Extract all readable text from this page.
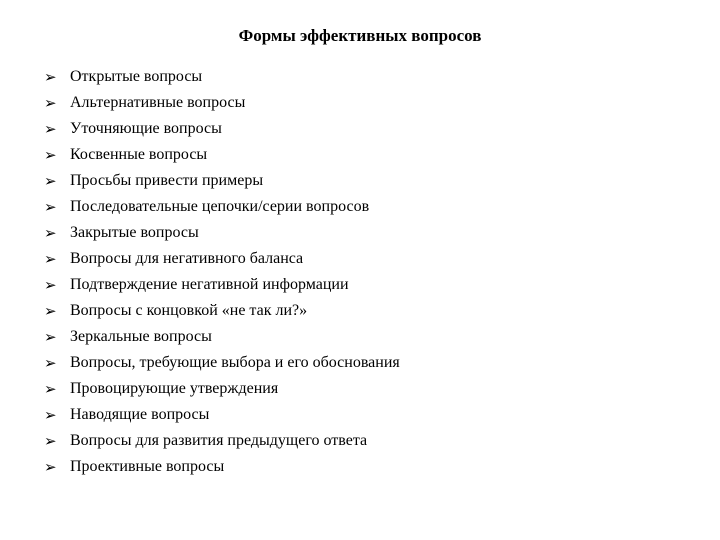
Формы эффективных вопросов
➢ Открытые вопросы
➢ Альтернативные вопросы
➢ Уточняющие вопросы
➢ Косвенные вопросы
➢ Просьбы привести примеры
➢ Последовательные цепочки/серии вопросов
➢ Закрытые вопросы
➢ Вопросы для негативного баланса
➢ Подтверждение негативной информации
➢ Вопросы с концовкой «не так ли?»
➢ Зеркальные вопросы
➢ Вопросы, требующие выбора и его обоснования
➢ Провоцирующие утверждения
➢ Наводящие вопросы
➢ Вопросы для развития предыдущего ответа
➢ Проективные вопросы
